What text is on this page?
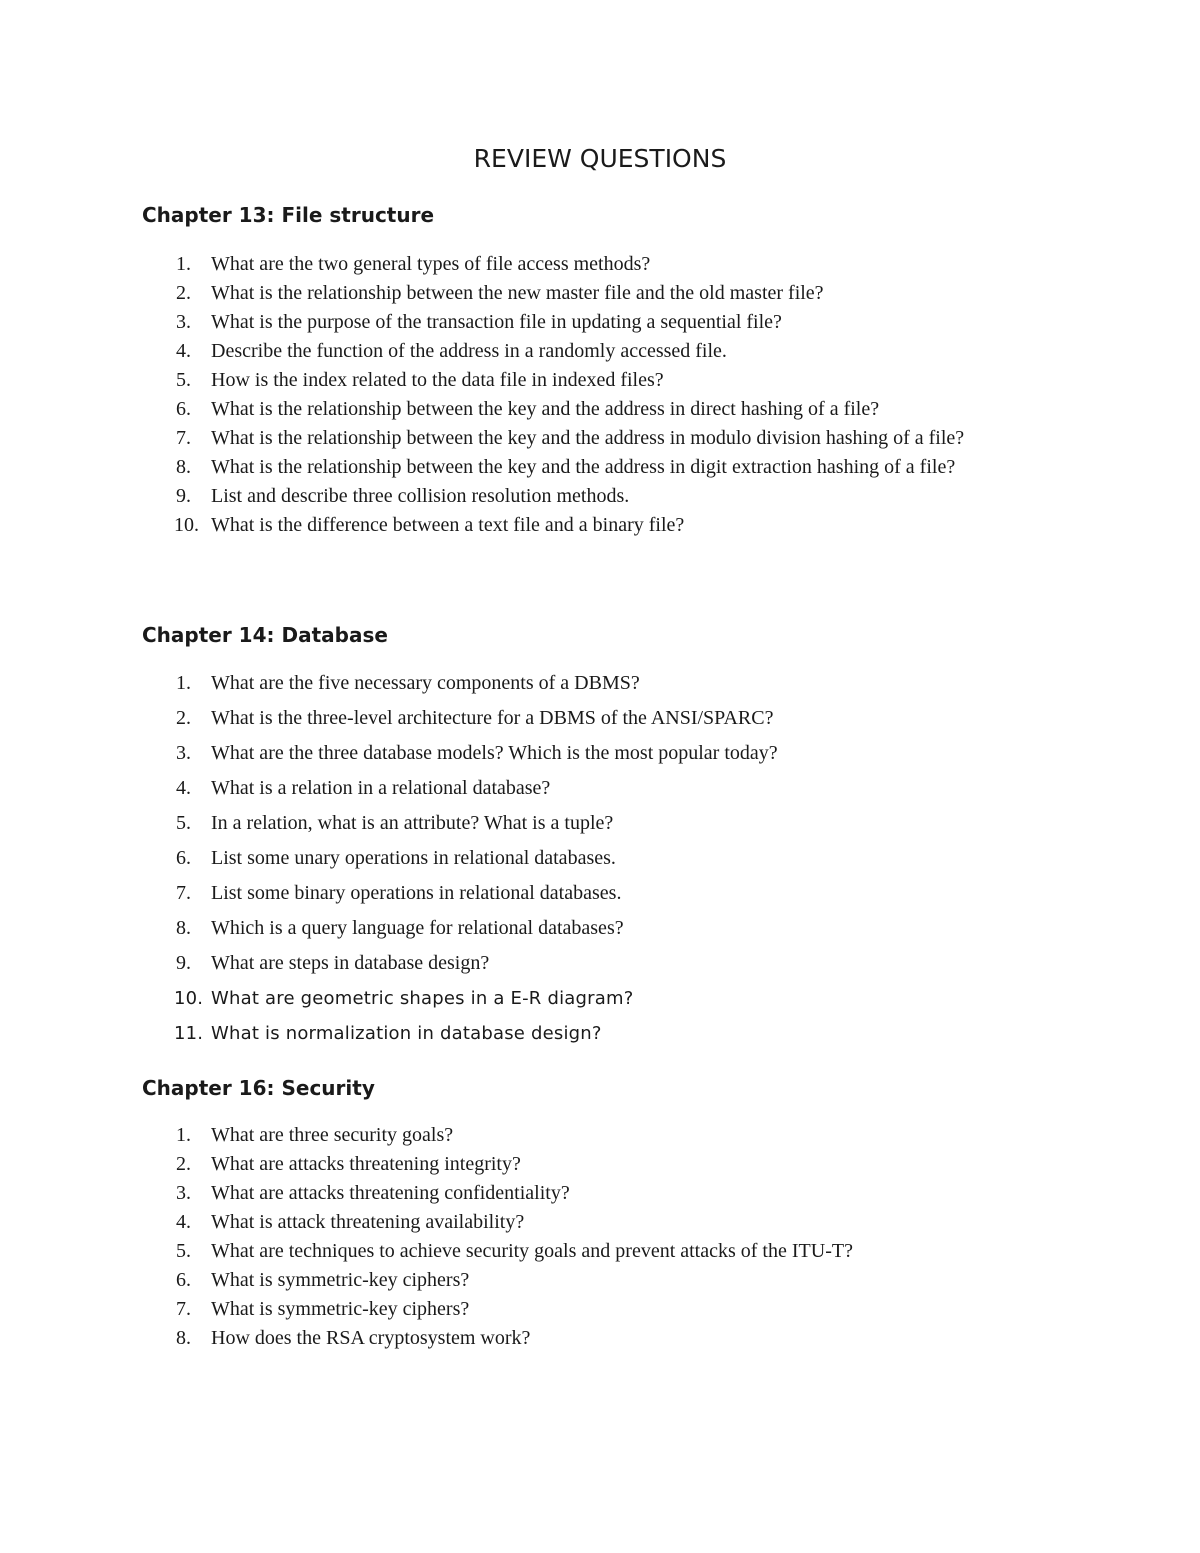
REVIEW QUESTIONS
Chapter 13: File structure
1. What are the two general types of file access methods?
2. What is the relationship between the new master file and the old master file?
3. What is the purpose of the transaction file in updating a sequential file?
4. Describe the function of the address in a randomly accessed file.
5. How is the index related to the data file in indexed files?
6. What is the relationship between the key and the address in direct hashing of a file?
7. What is the relationship between the key and the address in modulo division hashing of a file?
8. What is the relationship between the key and the address in digit extraction hashing of a file?
9. List and describe three collision resolution methods.
10. What is the difference between a text file and a binary file?
Chapter 14: Database
1. What are the five necessary components of a DBMS?
2. What is the three-level architecture for a DBMS of the ANSI/SPARC?
3. What are the three database models? Which is the most popular today?
4. What is a relation in a relational database?
5. In a relation, what is an attribute? What is a tuple?
6. List some unary operations in relational databases.
7. List some binary operations in relational databases.
8. Which is a query language for relational databases?
9. What are steps in database design?
10. What are geometric shapes in a E-R diagram?
11. What is normalization in database design?
Chapter 16: Security
1. What are three security goals?
2. What are attacks threatening integrity?
3. What are attacks threatening confidentiality?
4. What is attack threatening availability?
5. What are techniques to achieve security goals and prevent attacks of the ITU-T?
6. What is symmetric-key ciphers?
7. What is symmetric-key ciphers?
8. How does the RSA cryptosystem work?
